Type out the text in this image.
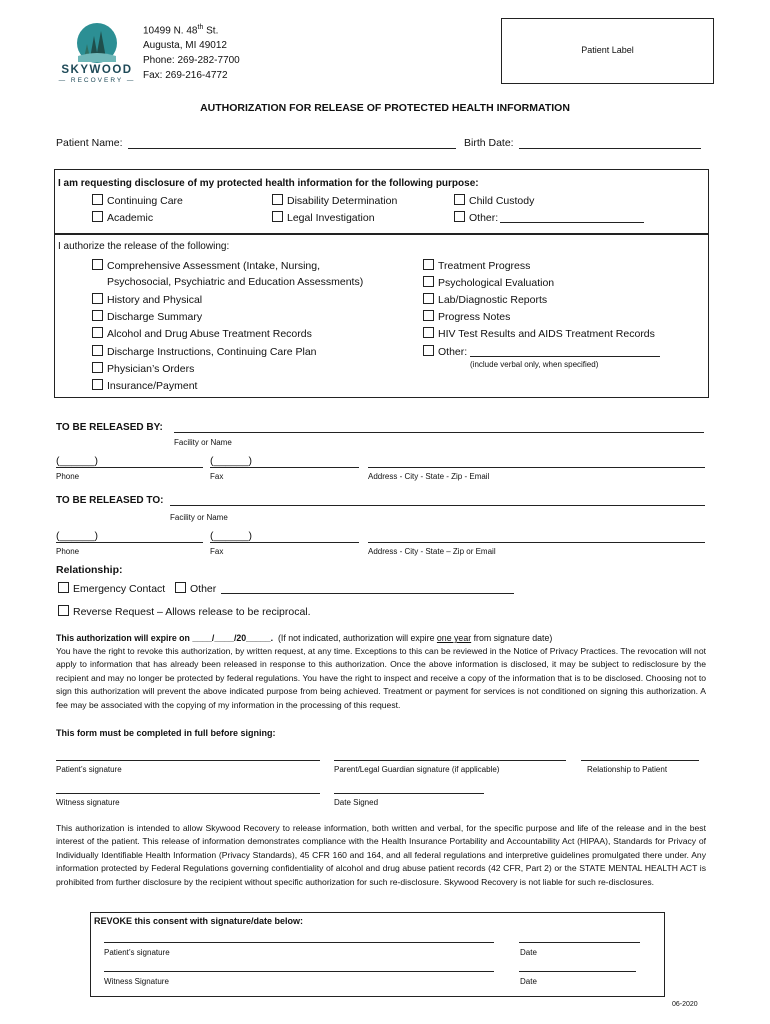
SKYWOOD
— RECOVERY —
10499 N. 48th St.
Augusta, MI 49012
Phone: 269-282-7700
Fax: 269-216-4772
Patient Label
AUTHORIZATION FOR RELEASE OF PROTECTED HEALTH INFORMATION
Patient Name:	Birth Date:
I am requesting disclosure of my protected health information for the following purpose:
Continuing Care
Academic
Disability Determination
Legal Investigation
Child Custody
Other:
I authorize the release of the following:
Comprehensive Assessment (Intake, Nursing,
Psychosocial, Psychiatric and Education Assessments)
History and Physical
Discharge Summary
Alcohol and Drug Abuse Treatment Records
Discharge Instructions, Continuing Care Plan
Physician’s Orders
Insurance/Payment
Treatment Progress
Psychological Evaluation
Lab/Diagnostic Reports
Progress Notes
HIV Test Results and AIDS Treatment Records
Other:
(include verbal only, when specified)
TO BE RELEASED BY:
Facility or Name
(______)	(______)
Phone	Fax	Address - City - State - Zip - Email
TO BE RELEASED TO:
Facility or Name
(______)	(______)
Phone	Fax	Address - City - State – Zip or Email
Relationship:
Emergency Contact	Other
Reverse Request – Allows release to be reciprocal.
This authorization will expire on ____/____/20_____. (If not indicated, authorization will expire one year from signature date)
You have the right to revoke this authorization, by written request, at any time. Exceptions to this can be reviewed in the Notice of Privacy Practices. The revocation will not apply to information that has already been released in response to this authorization. Once the above information is disclosed, it may be subject to redisclosure by the recipient and may no longer be protected by federal regulations. You have the right to inspect and receive a copy of the information that is to be disclosed. Choosing not to sign this authorization will prevent the above indicated purpose from being achieved. Treatment or payment for services is not conditioned on signing this authorization. A fee may be associated with the copying of my information in the processing of this request.
This form must be completed in full before signing:
Patient’s signature	Parent/Legal Guardian signature (if applicable)	Relationship to Patient
Witness signature	Date Signed
This authorization is intended to allow Skywood Recovery to release information, both written and verbal, for the specific purpose and life of the release and in the best interest of the patient. This release of information demonstrates compliance with the Health Insurance Portability and Accountability Act (HIPAA), Standards for Privacy of Individually Identifiable Health Information (Privacy Standards), 45 CFR 160 and 164, and all federal regulations and interpretive guidelines promulgated there under. Any information protected by Federal Regulations governing confidentiality of alcohol and drug abuse patient records (42 CFR, Part 2) or the STATE MENTAL HEALTH ACT is prohibited from further disclosure by the recipient without specific authorization for such re-disclosure. Skywood Recovery is not liable for such re-disclosures.
REVOKE this consent with signature/date below:
Patient’s signature	Date
Witness Signature	Date
06-2020
